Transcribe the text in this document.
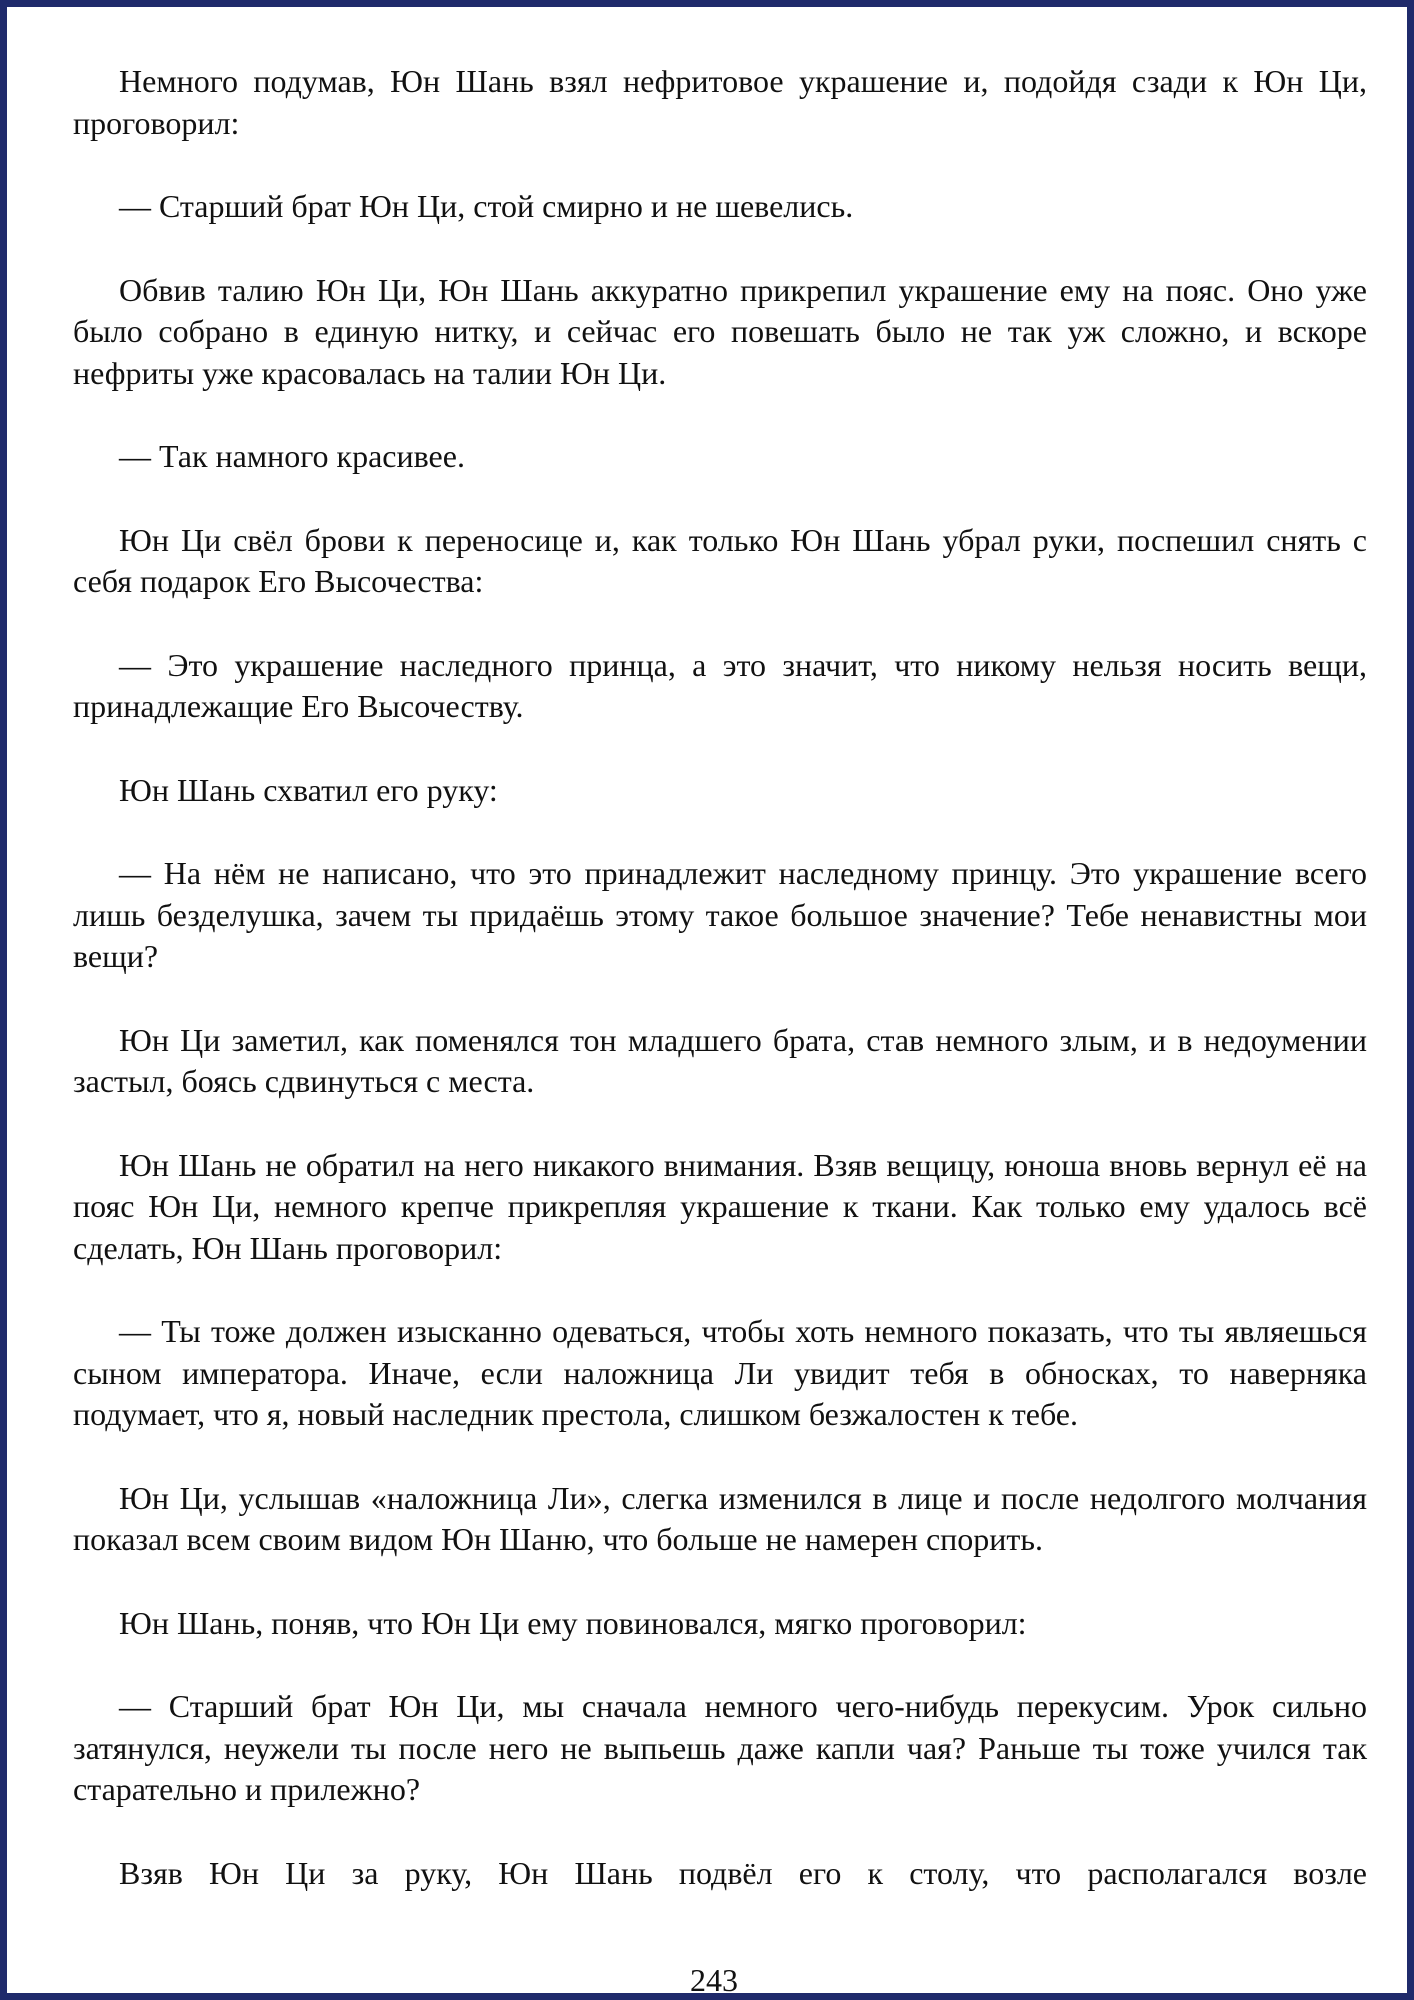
Немного подумав, Юн Шань взял нефритовое украшение и, подойдя сзади к Юн Ци, проговорил:

— Старший брат Юн Ци, стой смирно и не шевелись.

Обвив талию Юн Ци, Юн Шань аккуратно прикрепил украшение ему на пояс. Оно уже было собрано в единую нитку, и сейчас его повешать было не так уж сложно, и вскоре нефриты уже красовалась на талии Юн Ци.

— Так намного красивее.

Юн Ци свёл брови к переносице и, как только Юн Шань убрал руки, поспешил снять с себя подарок Его Высочества:

— Это украшение наследного принца, а это значит, что никому нельзя носить вещи, принадлежащие Его Высочеству.

Юн Шань схватил его руку:

— На нём не написано, что это принадлежит наследному принцу. Это украшение всего лишь безделушка, зачем ты придаёшь этому такое большое значение? Тебе ненавистны мои вещи?

Юн Ци заметил, как поменялся тон младшего брата, став немного злым, и в недоумении застыл, боясь сдвинуться с места.

Юн Шань не обратил на него никакого внимания. Взяв вещицу, юноша вновь вернул её на пояс Юн Ци, немного крепче прикрепляя украшение к ткани. Как только ему удалось всё сделать, Юн Шань проговорил:

— Ты тоже должен изысканно одеваться, чтобы хоть немного показать, что ты являешься сыном императора. Иначе, если наложница Ли увидит тебя в обносках, то наверняка подумает, что я, новый наследник престола, слишком безжалостен к тебе.

Юн Ци, услышав «наложница Ли», слегка изменился в лице и после недолгого молчания показал всем своим видом Юн Шаню, что больше не намерен спорить.

Юн Шань, поняв, что Юн Ци ему повиновался, мягко проговорил:

— Старший брат Юн Ци, мы сначала немного чего-нибудь перекусим. Урок сильно затянулся, неужели ты после него не выпьешь даже капли чая? Раньше ты тоже учился так старательно и прилежно?

Взяв Юн Ци за руку, Юн Шань подвёл его к столу, что располагался возле

243
